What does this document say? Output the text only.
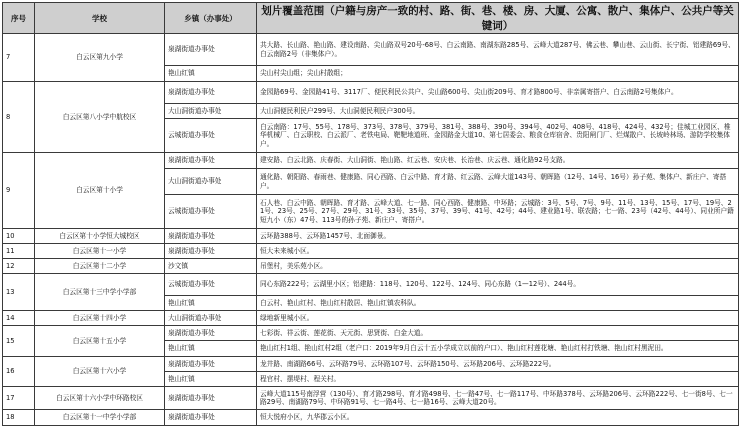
序号	学校	乡镇（办事处）	划片覆盖范围（户籍与房产一致的村、路、街、巷、楼、房、大厦、公寓、散户、集体户、公共户等关键词）
7	白云区第九小学	泉湖街道办事处	共大路、长山路、艳山路、建设南路、尖山路双号20号-68号、白云南路、南湖东路285号、云峰大道287号、佛云巷、攀山巷、云山街、长宁街、铝建路69号、白云南路2号（非集体户）。
		艳山红镇	尖山村尖山组；尖山村散组；
8	白云区第八小学中航校区	泉湖街道办事处	金园路69号、金园路41号、3117厂、便民利民公共户、尖山路600号、尖山街209号、育才路800号、非亲属寄搭户、白云南路2号集体户。
		大山洞街道办事处	大山洞便民利民户299号、大山洞便民利民户300号。
		云城街道办事处	白云南路：17号、55号、178号、373号、378号、379号、381号、388号、390号、394号、402号、408号、418号、424号、432号；佳城工业园区、椎华机械厂、白云职校、白云派厂、老铁电局、靶靶地道班、金园路金大道10、第七居委会、粮食仓库宿舍、贵阳闸门厂、烂煤散户、长坡岭林场、游防学校集体户。
9	白云区第十小学	泉湖街道办事处	建安路、白云北路、庆春街、大山洞街、艳山路、红云巷、安庆巷、长治巷、庆云巷、通化路92号支路。
		大山洞街道办事处	通化路、朝阳路、春雨巷、健康路、同心西路、白云中路、育才路、红云路、云峰大道143号、朝晖路（12号、14号、16号）孙子苑、集体户、新庄户、寄搭户。
		云城街道办事处	石人巷、白云中路、朝晖路、育才路、云峰大道、七一路、同心西路、健康路、中环路；云城路：3号、5号、7号、9号、11号、13号、15号、17号、19号、21号、23号、25号、27号、29号、31号、33号、35号、37号、39号、41号、42号；44号、建业路1号、联农路；七一路、23号（42号、44号）、同业所户籍短九小（东）47号、113号的孙子苑、新庄户、寄搭户。
10	白云区第十小学恒大城校区	泉湖街道办事处	云环路388号、云环路1457号、北面御景。
11	白云区第十一小学	泉湖街道办事处	恒大未来城小区。
12	白云区第十二小学	沙文镇	吊堡村，美乐苑小区。
13	白云区第十三中学小学部	云城街道办事处	同心东路222号；云湖里小区；铝建路：118号、120号、122号、124号、同心东路（1—12号）、244号。
		艳山红镇	白云村、艳山红村、艳山红村散居、艳山红镇农科队。
14	白云区第十四小学	大山洞街道办事处	绿地新里城小区。
15	白云区第十五小学	泉湖街道办事处	七彩街、祥云街、莲花街、天元街、思贤街、白金大道。
		艳山红镇	艳山红村1组、艳山红村2组（老户口：2019年9月白云十五小学成立以前的户口）、艳山红村莲花塘、艳山红村打铁塘、艳山红村黑泥田。
16	白云区第十六小学	泉湖街道办事处	龙井路、南湖路66号、云环路79号、云环路107号、云环路150号、云环路206号、云环路222号。
		艳山红镇	程官村、摆堤村、程关村。
17	白云区第十六小学中环路校区	泉湖街道办事处	云峰大道115号南浮营（130号）、育才路298号、育才路498号、七一路47号、七一路117号、中环路378号、云环路206号、云环路222号、七一街8号、七一路29号、南湖路79号、中环路91号、七一路4号、七一路16号、云峰大道20号。
18	白云区第十一中学小学部	泉湖街道办事处	恒大悦府小区，九华郡云小区。
